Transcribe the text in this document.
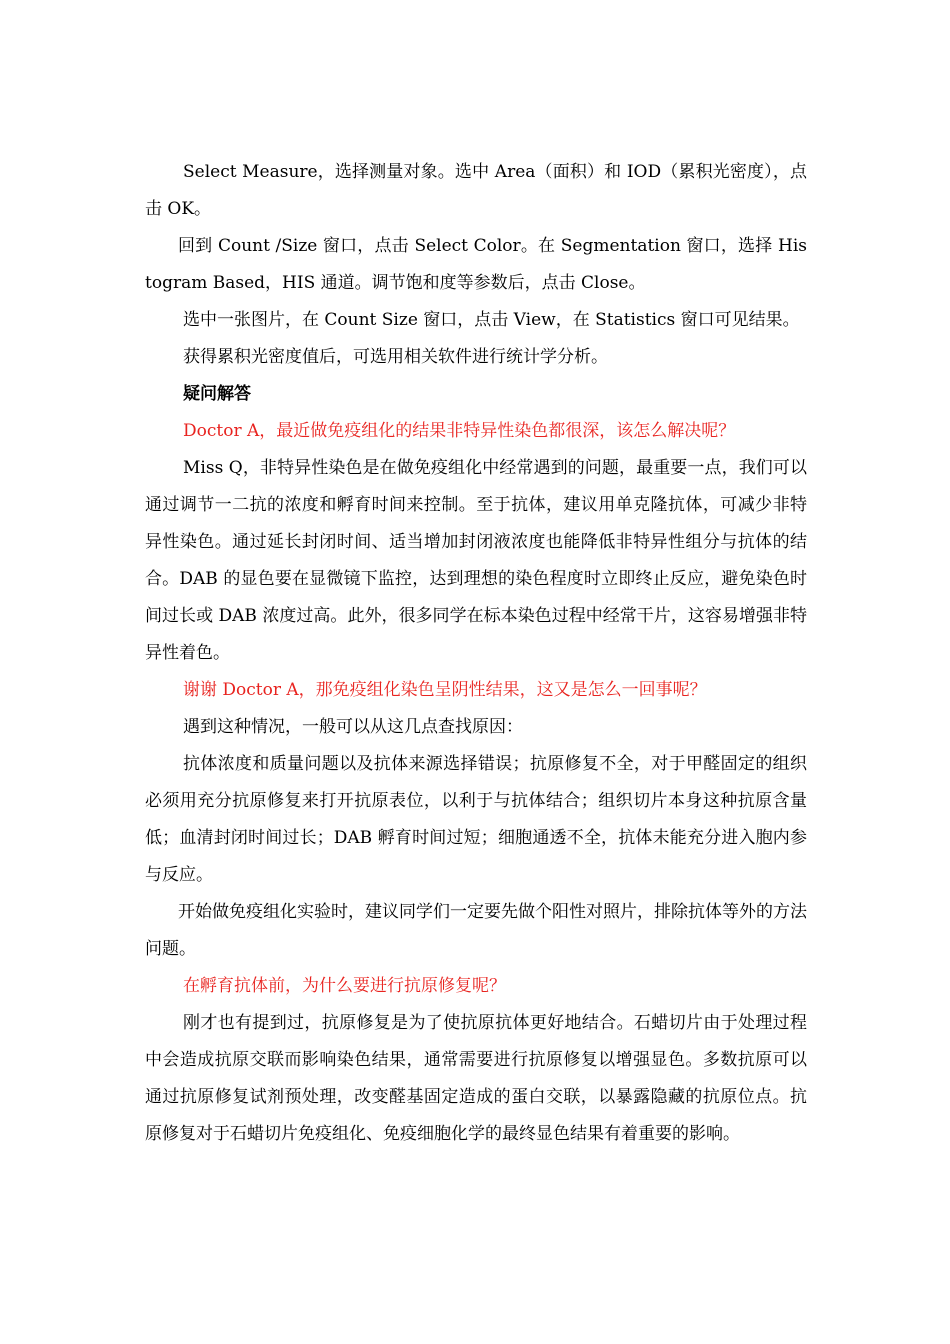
Select Measure，选择测量对象。选中 Area（面积）和 IOD（累积光密度），点击 OK。

回到 Count /Size 窗口，点击 Select Color。在 Segmentation 窗口，选择 Histogram Based，HIS 通道。调节饱和度等参数后，点击 Close。

选中一张图片，在 Count Size 窗口，点击 View，在 Statistics 窗口可见结果。

获得累积光密度值后，可选用相关软件进行统计学分析。

疑问解答

Doctor A，最近做免疫组化的结果非特异性染色都很深，该怎么解决呢？

Miss Q，非特异性染色是在做免疫组化中经常遇到的问题，最重要一点，我们可以通过调节一二抗的浓度和孵育时间来控制。至于抗体，建议用单克隆抗体，可减少非特异性染色。通过延长封闭时间、适当增加封闭液浓度也能降低非特异性组分与抗体的结合。DAB 的显色要在显微镜下监控，达到理想的染色程度时立即终止反应，避免染色时间过长或 DAB 浓度过高。此外，很多同学在标本染色过程中经常干片，这容易增强非特异性着色。

谢谢 Doctor A，那免疫组化染色呈阴性结果，这又是怎么一回事呢？

遇到这种情况，一般可以从这几点查找原因：

抗体浓度和质量问题以及抗体来源选择错误；抗原修复不全，对于甲醛固定的组织必须用充分抗原修复来打开抗原表位，以利于与抗体结合；组织切片本身这种抗原含量低；血清封闭时间过长；DAB 孵育时间过短；细胞通透不全，抗体未能充分进入胞内参与反应。

开始做免疫组化实验时，建议同学们一定要先做个阳性对照片，排除抗体等外的方法问题。

在孵育抗体前，为什么要进行抗原修复呢？

刚才也有提到过，抗原修复是为了使抗原抗体更好地结合。石蜡切片由于处理过程中会造成抗原交联而影响染色结果，通常需要进行抗原修复以增强显色。多数抗原可以通过抗原修复试剂预处理，改变醛基固定造成的蛋白交联，以暴露隐藏的抗原位点。抗原修复对于石蜡切片免疫组化、免疫细胞化学的最终显色结果有着重要的影响。
